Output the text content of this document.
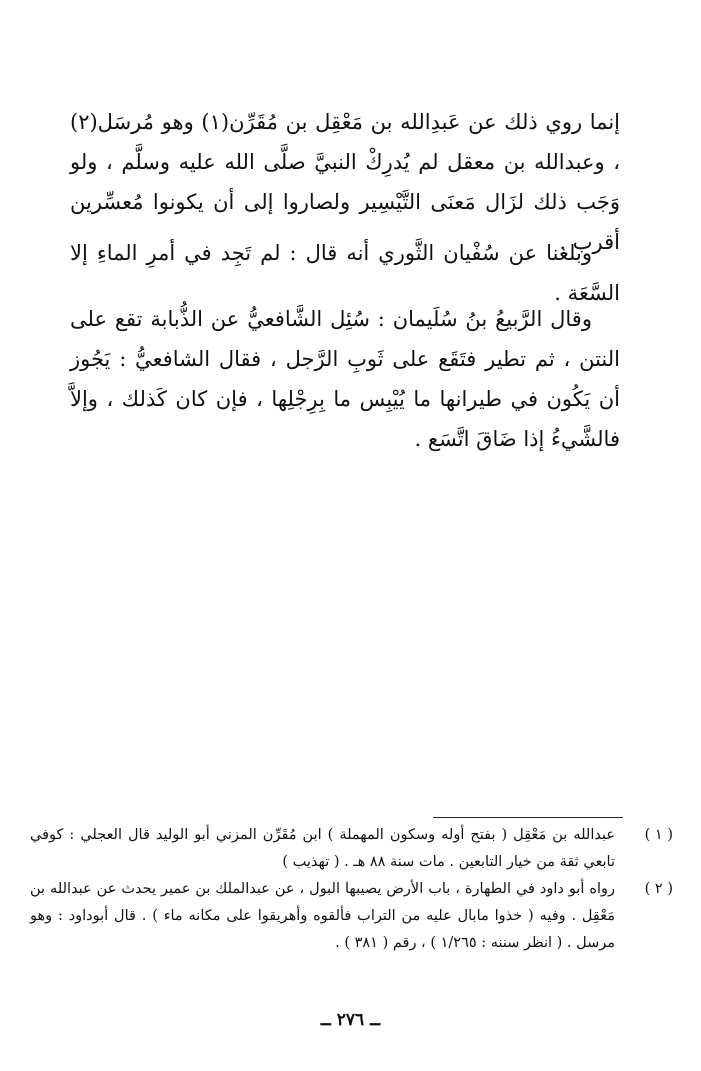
إنما روي ذلك عن عَبدِالله بن مَعْقِل بن مُقَرِّن(١) وهو مُرسَل(٢) ، وعبدالله بن معقل لم يُدرِكْ النبيَّ صلَّى الله عليه وسلَّم ، ولو وَجَب ذلك لزَال مَعنَى التَّيْسِير ولصاروا إلى أن يكونوا مُعسِّرين أقرب .

وبلغنا عن سُفْيان الثَّوري أنه قال : لم تَجِد في أمرِ الماءِ إلا السَّعَة .

وقال الرَّبيعُ بنُ سُلَيمان : سُئِل الشَّافعيُّ عن الذُّبابة تقع على النتن ، ثم تطير فتَقَع على ثَوبِ الرَّجل ، فقال الشافعيُّ : يَجُوز أن يَكُون في طيرانها ما يُيْبِس ما بِرِجْلِها ، فإن كان كَذلك ، وإلاَّ فالشَّيءُ إذا ضَاقَ اتَّسَع .

( ١ )
عبدالله بن مَعْقِل ( بفتح أوله وسكون المهملة ) ابن مُقَرِّن المزني أبو الوليد قال العجلي : كوفي تابعي ثقة من خيار التابعين . مات سنة ٨٨ هـ . ( تهذيب )
( ٢ )
رواه أبو داود في الطهارة ، باب الأرض يصيبها البول ، عن عبدالملك بن عمير يحدث عن عبدالله بن مَعْقِل . وفيه ( خذوا مابال عليه من التراب فألقوه وأهريقوا على مكانه ماء ) . قال أبوداود : وهو مرسل . ( انظر سننه : ١/٢٦٥ ) ، رقم ( ٣٨١ ) .
ــ ٢٧٦ ــ
